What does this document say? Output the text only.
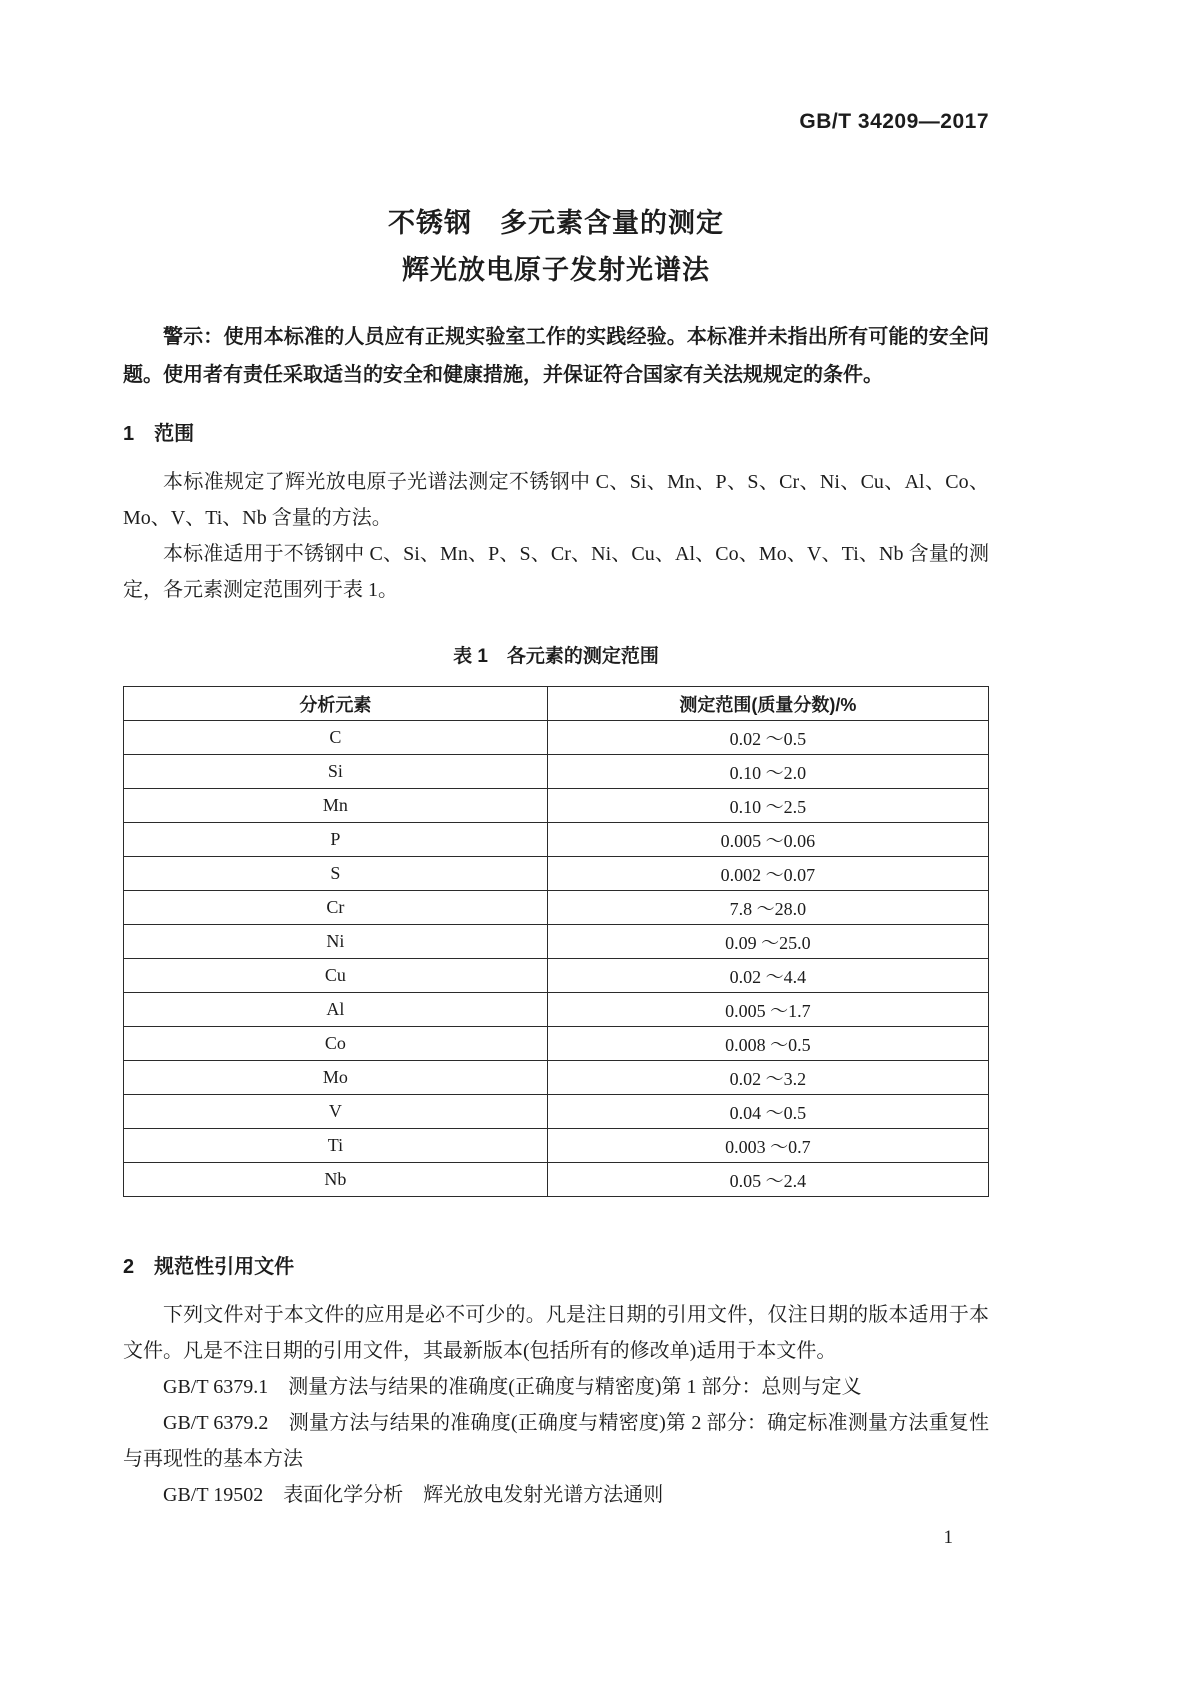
GB/T 34209—2017
不锈钢　多元素含量的测定
辉光放电原子发射光谱法

警示：使用本标准的人员应有正规实验室工作的实践经验。本标准并未指出所有可能的安全问题。使用者有责任采取适当的安全和健康措施，并保证符合国家有关法规规定的条件。

1　范围

本标准规定了辉光放电原子光谱法测定不锈钢中 C、Si、Mn、P、S、Cr、Ni、Cu、Al、Co、Mo、V、Ti、Nb 含量的方法。

本标准适用于不锈钢中 C、Si、Mn、P、S、Cr、Ni、Cu、Al、Co、Mo、V、Ti、Nb 含量的测定，各元素测定范围列于表 1。

表 1　各元素的测定范围
分析元素	测定范围(质量分数)/%
C	0.02 ～0.5
Si	0.10 ～2.0
Mn	0.10 ～2.5
P	0.005 ～0.06
S	0.002 ～0.07
Cr	7.8 ～28.0
Ni	0.09 ～25.0
Cu	0.02 ～4.4
Al	0.005 ～1.7
Co	0.008 ～0.5
Mo	0.02 ～3.2
V	0.04 ～0.5
Ti	0.003 ～0.7
Nb	0.05 ～2.4
2　规范性引用文件

下列文件对于本文件的应用是必不可少的。凡是注日期的引用文件，仅注日期的版本适用于本文件。凡是不注日期的引用文件，其最新版本(包括所有的修改单)适用于本文件。

GB/T 6379.1　测量方法与结果的准确度(正确度与精密度)第 1 部分：总则与定义

GB/T 6379.2　测量方法与结果的准确度(正确度与精密度)第 2 部分：确定标准测量方法重复性与再现性的基本方法

GB/T 19502　表面化学分析　辉光放电发射光谱方法通则

1
